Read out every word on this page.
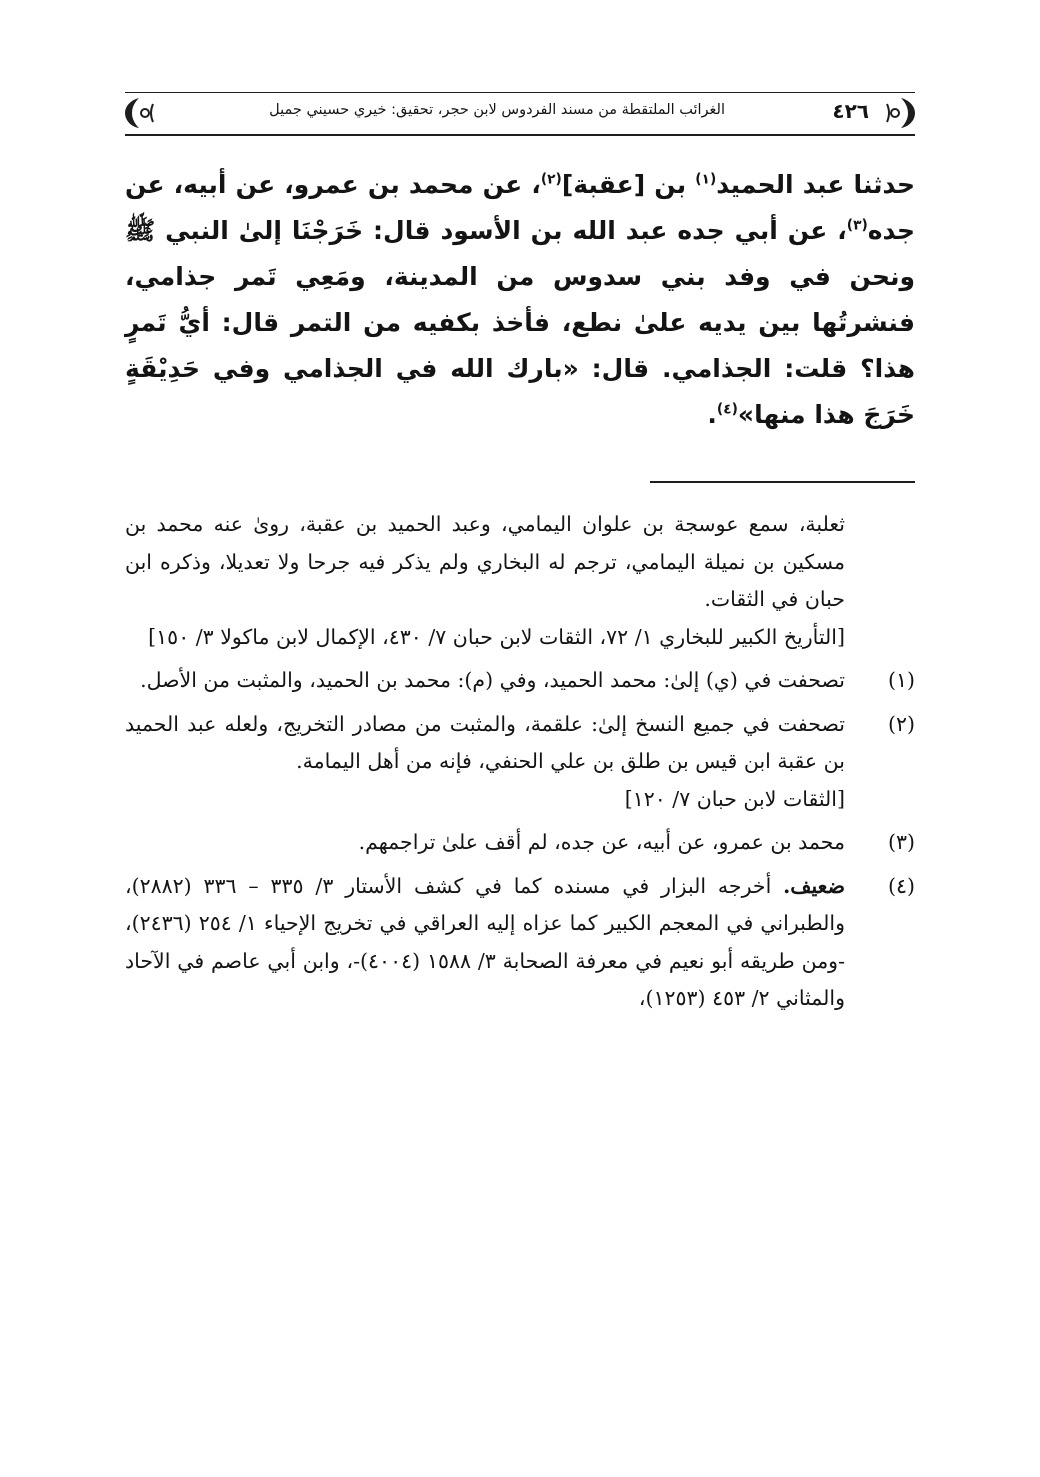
الغرائب الملتقطة من مسند الفردوس لابن حجر، تحقيق: خيري حسيني جميل	٤٢٦

حدثنا عبد الحميد$^{(١)}$ بن [عقبة]$^{(٢)}$، عن محمد بن عمرو، عن أبيه، عن جده$^{(٣)}$، عن أبي جده عبد الله بن الأسود قال: خَرَجْنَا إلىٰ النبي ﷺ ونحن في وفد بني سدوس من المدينة، ومَعِي تَمر جذامي، فنشرتُها بين يديه علىٰ نطع، فأخذ بكفيه من التمر قال: أيُّ تَمرٍ هذا؟ قلت: الجذامي. قال: «بارك الله في الجذامي وفي حَدِيْقَةٍ خَرَجَ هذا منها»$^{(٤)}$.

ثعلبة، سمع عوسجة بن علوان اليمامي، وعبد الحميد بن عقبة، روىٰ عنه محمد بن مسكين بن نميلة اليمامي، ترجم له البخاري ولم يذكر فيه جرحا ولا تعديلا، وذكره ابن حبان في الثقات.
[التأريخ الكبير للبخاري ١/ ٧٢، الثقات لابن حبان ٧/ ٤٣٠، الإكمال لابن ماكولا ٣/ ١٥٠]

(١)
تصحفت في (ي) إلىٰ: محمد الحميد، وفي (م): محمد بن الحميد، والمثبت من الأصل.
(٢)
تصحفت في جميع النسخ إلىٰ: علقمة، والمثبت من مصادر التخريج، ولعله عبد الحميد بن عقبة ابن قيس بن طلق بن علي الحنفي، فإنه من أهل اليمامة.
[الثقات لابن حبان ٧/ ١٢٠]
(٣)
محمد بن عمرو، عن أبيه، عن جده، لم أقف علىٰ تراجمهم.
(٤)
ضعيف. أخرجه البزار في مسنده كما في كشف الأستار ٣/ ٣٣٥ – ٣٣٦ (٢٨٨٢)، والطبراني في المعجم الكبير كما عزاه إليه العراقي في تخريج الإحياء ١/ ٢٥٤ (٢٤٣٦)، -ومن طريقه أبو نعيم في معرفة الصحابة ٣/ ١٥٨٨ (٤٠٠٤)-، وابن أبي عاصم في الآحاد والمثاني ٢/ ٤٥٣ (١٢٥٣)،
